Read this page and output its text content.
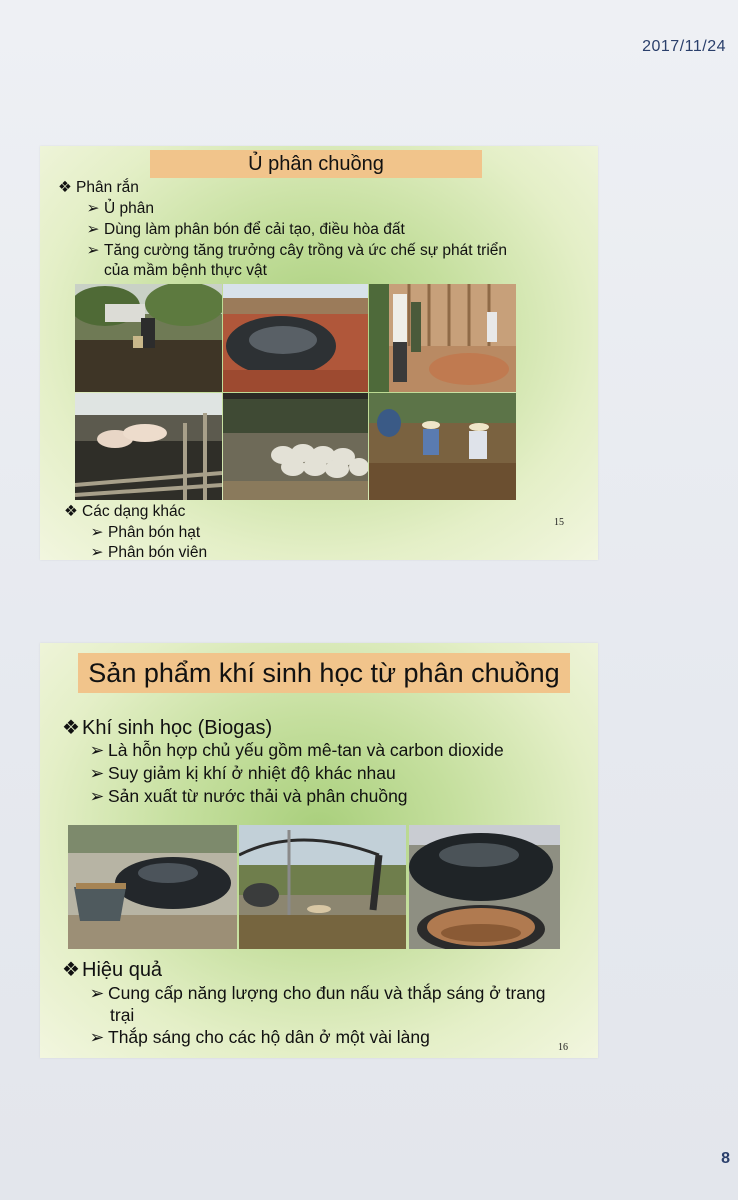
2017/11/24
Ủ phân chuồng
❖ Phân rắn
➢ Ủ phân
➢ Dùng làm phân bón để cải tạo, điều hòa đất
➢ Tăng cường tăng trưởng cây trồng và ức chế sự phát triển
của mầm bệnh thực vật
❖ Các dạng khác
➢ Phân bón hạt
➢ Phân bón viên
15
Sản phẩm khí sinh học từ phân chuồng
❖ Khí sinh học (Biogas)
➢ Là hỗn hợp chủ yếu gồm mê-tan và carbon dioxide
➢ Suy giảm kị khí ở nhiệt độ khác nhau
➢ Sản xuất từ nước thải và phân chuồng
❖ Hiệu quả
➢ Cung cấp năng lượng cho đun nấu và thắp sáng ở trang
trại
➢ Thắp sáng cho các hộ dân ở một vài làng
16
8
